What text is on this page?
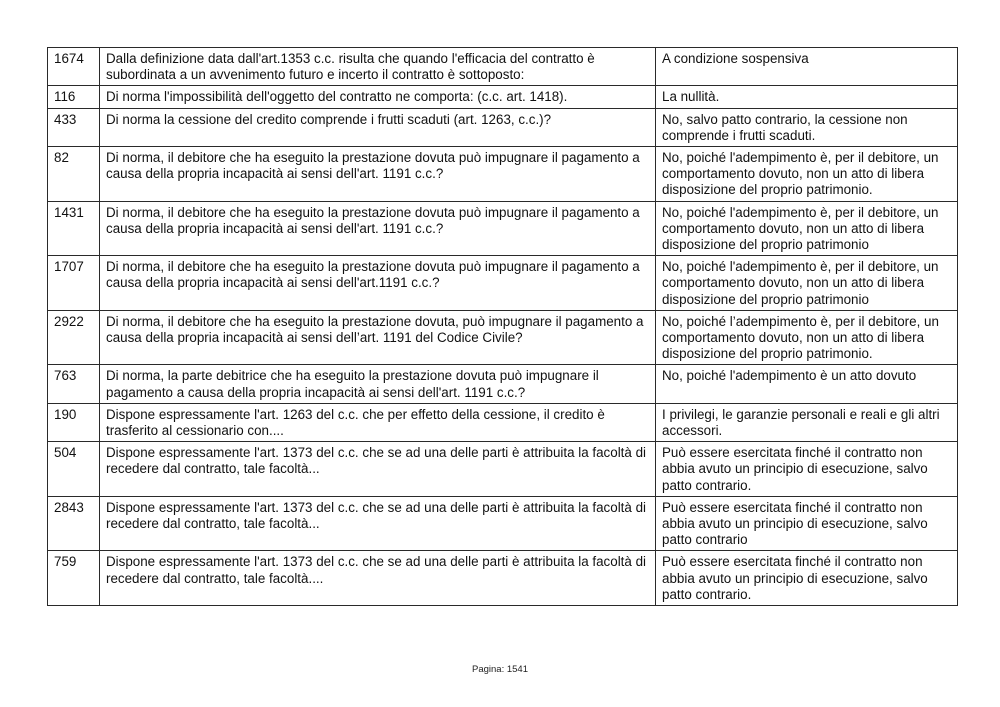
1674	Dalla definizione data dall'art.1353 c.c. risulta che quando l'efficacia del contratto è subordinata a un avvenimento futuro e incerto il contratto è sottoposto:	A condizione sospensiva
116	Di norma l'impossibilità dell'oggetto del contratto ne comporta: (c.c. art. 1418).	La nullità.
433	Di norma la cessione del credito comprende i frutti scaduti (art. 1263, c.c.)?	No, salvo patto contrario, la cessione non comprende i frutti scaduti.
82	Di norma, il debitore che ha eseguito la prestazione dovuta può impugnare il pagamento a causa della propria incapacità ai sensi dell'art. 1191 c.c.?	No, poiché l'adempimento è, per il debitore, un comportamento dovuto, non un atto di libera disposizione del proprio patrimonio.
1431	Di norma, il debitore che ha eseguito la prestazione dovuta può impugnare il pagamento a causa della propria incapacità ai sensi dell'art. 1191 c.c.?	No, poiché l'adempimento è, per il debitore, un comportamento dovuto, non un atto di libera disposizione del proprio patrimonio
1707	Di norma, il debitore che ha eseguito la prestazione dovuta può impugnare il pagamento a causa della propria incapacità ai sensi dell'art.1191 c.c.?	No, poiché l'adempimento è, per il debitore, un comportamento dovuto, non un atto di libera disposizione del proprio patrimonio
2922	Di norma, il debitore che ha eseguito la prestazione dovuta, può impugnare il pagamento a causa della propria incapacità ai sensi dell’art. 1191 del Codice Civile?	No, poiché l’adempimento è, per il debitore, un comportamento dovuto, non un atto di libera disposizione del proprio patrimonio.
763	Di norma, la parte debitrice che ha eseguito la prestazione dovuta può impugnare il pagamento a causa della propria incapacità ai sensi dell'art. 1191 c.c.?	No, poiché l'adempimento è un atto dovuto
190	Dispone espressamente l'art. 1263 del c.c. che per effetto della cessione, il credito è trasferito al cessionario con....	I privilegi, le garanzie personali e reali e gli altri accessori.
504	Dispone espressamente l'art. 1373 del c.c. che se ad una delle parti è attribuita la facoltà di recedere dal contratto, tale facoltà...	Può essere esercitata finché il contratto non abbia avuto un principio di esecuzione, salvo patto contrario.
2843	Dispone espressamente l'art. 1373 del c.c. che se ad una delle parti è attribuita la facoltà di recedere dal contratto, tale facoltà...	Può essere esercitata finché il contratto non abbia avuto un principio di esecuzione, salvo patto contrario
759	Dispone espressamente l'art. 1373 del c.c. che se ad una delle parti è attribuita la facoltà di recedere dal contratto, tale facoltà....	Può essere esercitata finché il contratto non abbia avuto un principio di esecuzione, salvo patto contrario.
Pagina: 1541
